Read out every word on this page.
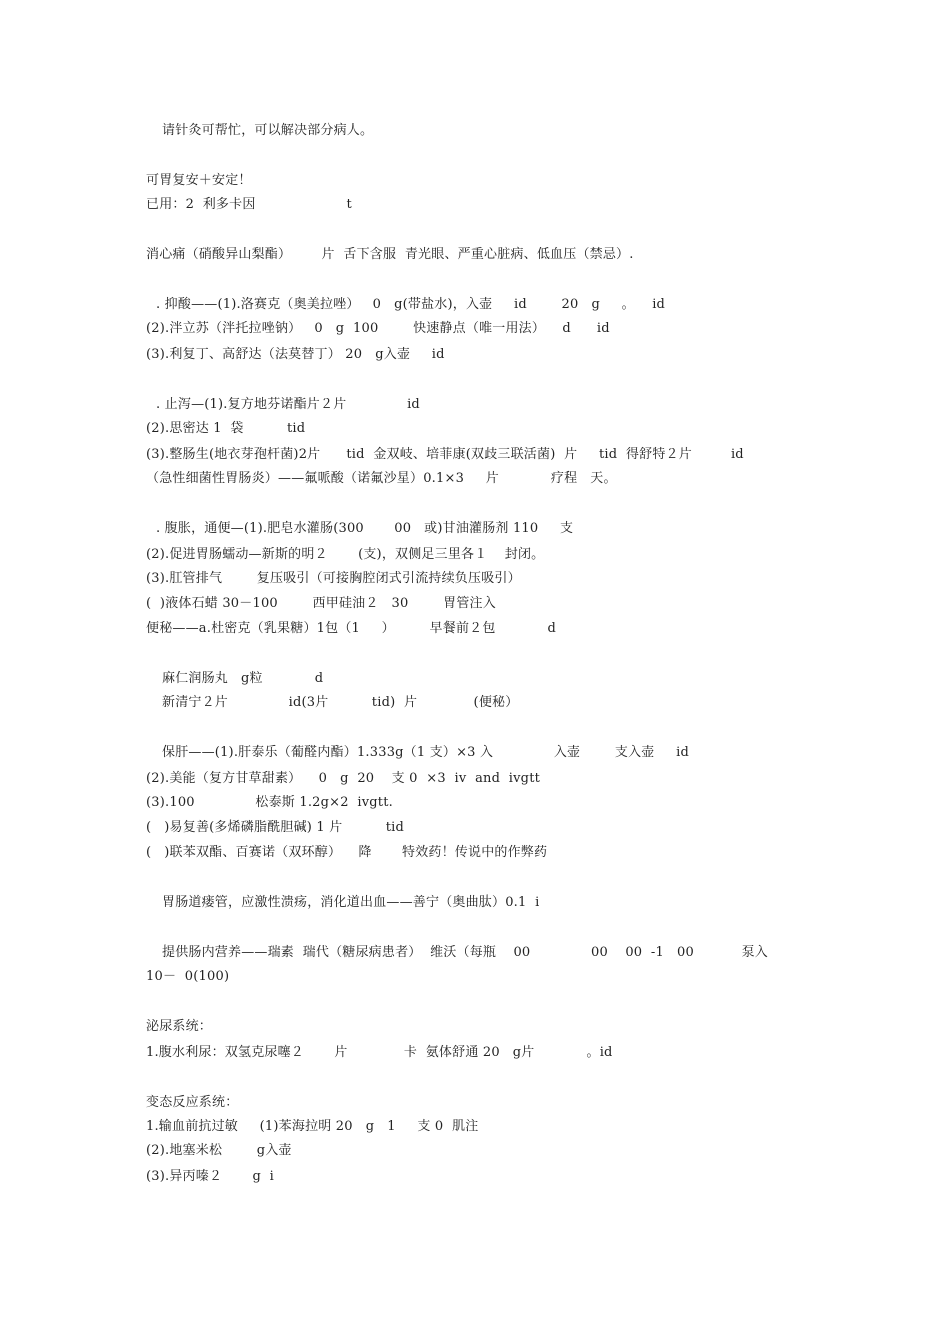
请针灸可帮忙，可以解决部分病人。
可胃复安＋安定！
已用：2  利多卡因                     t
消心痛（硝酸异山梨酯）       片  舌下含服  青光眼、严重心脏病、低血压（禁忌）.
. 抑酸——(1).洛赛克（奥美拉唑）   0   g(带盐水)，入壶     id        20   g     。    id
(2).泮立苏（泮托拉唑钠）   0   g  100        快速静点（唯一用法）    d      id
(3).利复丁、高舒达（法莫替丁） 20   g入壶     id
. 止泻—(1).复方地芬诺酯片２片              id
(2).思密达 1  袋          tid
(3).整肠生(地衣芽孢杆菌)2片      tid  金双岐、培菲康(双歧三联活菌)  片     tid  得舒特２片         id
（急性细菌性胃肠炎）——氟哌酸（诺氟沙星）0.1×3     片            疗程   天。
. 腹胀，通便—(1).肥皂水灌肠(300       00   或)甘油灌肠剂 110     支
(2).促进胃肠蠕动—新斯的明２       (支)，双侧足三里各１    封闭。
(3).肛管排气        复压吸引（可接胸腔闭式引流持续负压吸引）
(  )液体石蜡 30－100        西甲硅油２   30        胃管注入
便秘——a.杜密克（乳果糖）1包（1     ）        早餐前２包            d
麻仁润肠丸   g粒            d
新清宁２片              id(3片          tid)  片             (便秘）
保肝——(1).肝泰乐（葡醛内酯）1.333g（1 支）×3 入              入壶        支入壶     id
(2).美能（复方甘草甜素）    0   g  20    支 0  ×3  iv  and  ivgtt
(3).100              松泰斯 1.2g×2  ivgtt.
(   )易复善(多烯磷脂酰胆碱) 1 片          tid
(   )联苯双酯、百赛诺（双环醇）    降       特效药！传说中的作弊药
胃肠道瘘管，应激性溃疡，消化道出血——善宁（奥曲肽）0.1  i
提供肠内营养——瑞素  瑞代（糖尿病患者）  维沃（每瓶    00              00    00  -1   00           泵入
10－  0(100)
泌尿系统：
1.腹水利尿：双氢克尿噻２       片             卡  氨体舒通 20   g片            。id
变态反应系统：
1.输血前抗过敏     (1)苯海拉明 20   g   1     支 0  肌注
(2).地塞米松        g入壶
(3).异丙嗪２       g  i
